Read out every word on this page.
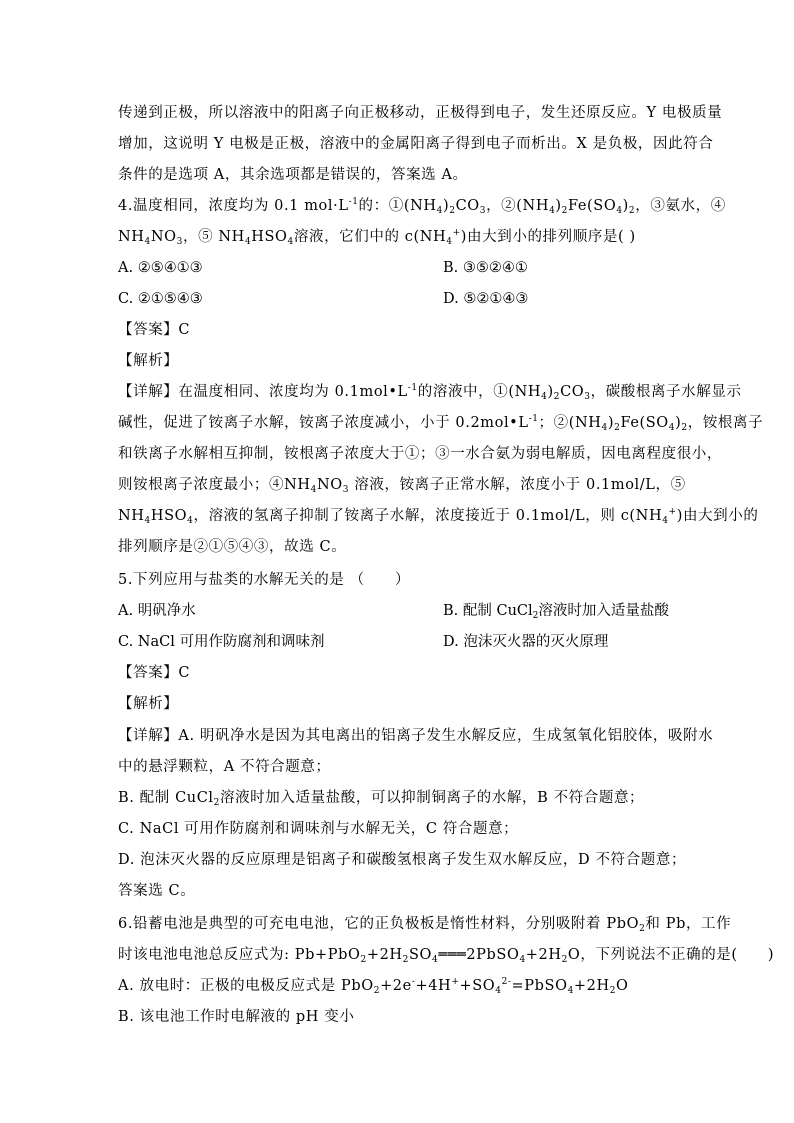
传递到正极，所以溶液中的阳离子向正极移动，正极得到电子，发生还原反应。Y 电极质量
增加，这说明 Y 电极是正极，溶液中的金属阳离子得到电子而析出。X 是负极，因此符合
条件的是选项 A，其余选项都是错误的，答案选 A。
4.温度相同，浓度均为 0.1 $mol\cdot L^{-1}$的：$①(NH_4)_2CO_3$，$②(NH_4)_2Fe(SO_4)_2$，③氨水，④
$NH_4NO_3$，⑤ $NH_4HSO_4$溶液，它们中的 $c(NH_4^+)$由大到小的排列顺序是( )
A. ②⑤④①③	B. ③⑤②④①
C. ②①⑤④③	D. ⑤②①④③
【答案】C
【解析】
【详解】在温度相同、浓度均为 $0.1mol•L^{-1}$的溶液中，$①(NH_4)_2CO_3$，碳酸根离子水解显示
碱性，促进了铵离子水解，铵离子浓度减小，小于 $0.2mol•L^{-1}$；$②(NH_4)_2Fe(SO_4)_2$，铵根离子
和铁离子水解相互抑制，铵根离子浓度大于①；③一水合氨为弱电解质，因电离程度很小，
则铵根离子浓度最小；$④NH_4NO_3$ 溶液，铵离子正常水解，浓度小于 0.1mol/L，⑤
$NH_4HSO_4$，溶液的氢离子抑制了铵离子水解，浓度接近于 0.1mol/L，则 $c(NH_4^+)$由大到小的
排列顺序是②①⑤④③，故选 C。
5.下列应用与盐类的水解无关的是 （　　）
A. 明矾净水	B. 配制 CuCl$_2$溶液时加入适量盐酸
C. NaCl 可用作防腐剂和调味剂	D. 泡沫灭火器的灭火原理
【答案】C
【解析】
【详解】A. 明矾净水是因为其电离出的铝离子发生水解反应，生成氢氧化铝胶体，吸附水
中的悬浮颗粒，A 不符合题意；
B. 配制 CuCl$_2$溶液时加入适量盐酸，可以抑制铜离子的水解，B 不符合题意；
C. NaCl 可用作防腐剂和调味剂与水解无关，C 符合题意；
D. 泡沫灭火器的反应原理是铝离子和碳酸氢根离子发生双水解反应，D 不符合题意；
答案选 C。
6.铅蓄电池是典型的可充电电池，它的正负极板是惰性材料，分别吸附着 PbO$_2$和 Pb，工作
时该电池电池总反应式为: $Pb+PbO_2+2H_2SO_4═══2PbSO_4+2H_2O$，下列说法不正确的是(　　)
A. 放电时：正极的电极反应式是 $PbO_2+2e^-+4H^++SO_4^{2-}=PbSO_4+2H_2O$
B. 该电池工作时电解液的 pH 变小
